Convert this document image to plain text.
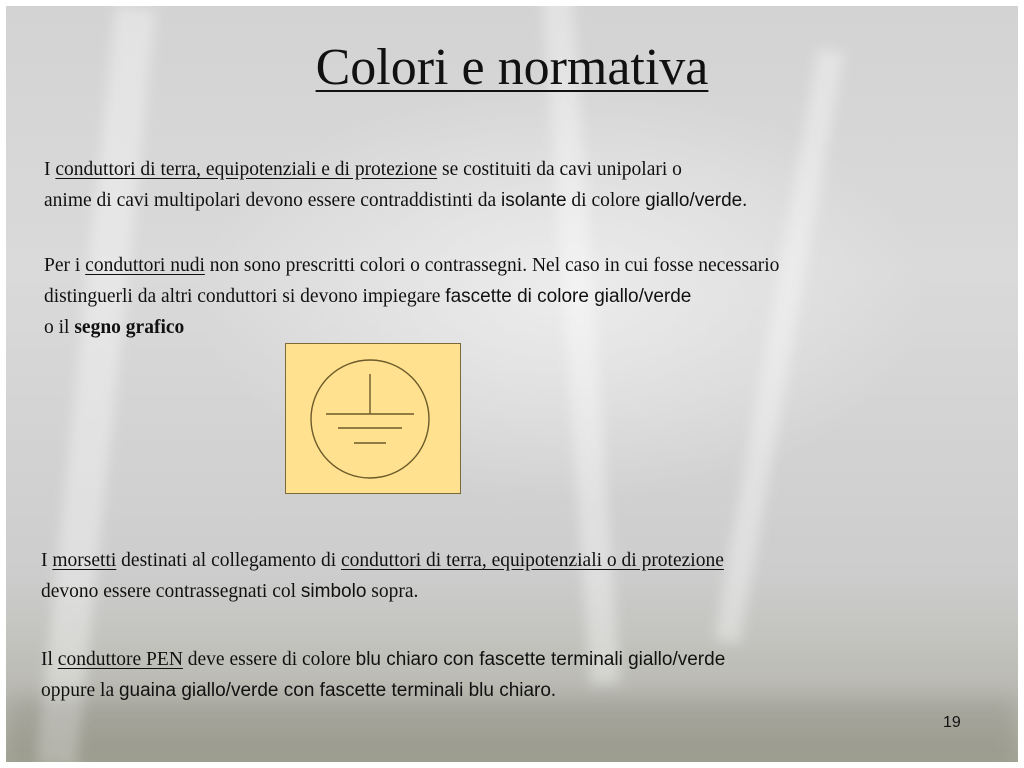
Colori e normativa
I conduttori di terra, equipotenziali e di protezione se costituiti da cavi unipolari o
anime di cavi multipolari devono essere contraddistinti da isolante di colore giallo/verde.
Per i conduttori nudi non sono prescritti colori o contrassegni. Nel caso in cui fosse necessario
distinguerli da altri conduttori si devono impiegare fascette di colore giallo/verde
o il segno grafico
I morsetti destinati al collegamento di conduttori di terra, equipotenziali o di protezione
devono essere contrassegnati col simbolo sopra.
Il conduttore PEN deve essere di colore blu chiaro con fascette terminali giallo/verde
oppure la guaina giallo/verde con fascette terminali blu chiaro.
19
